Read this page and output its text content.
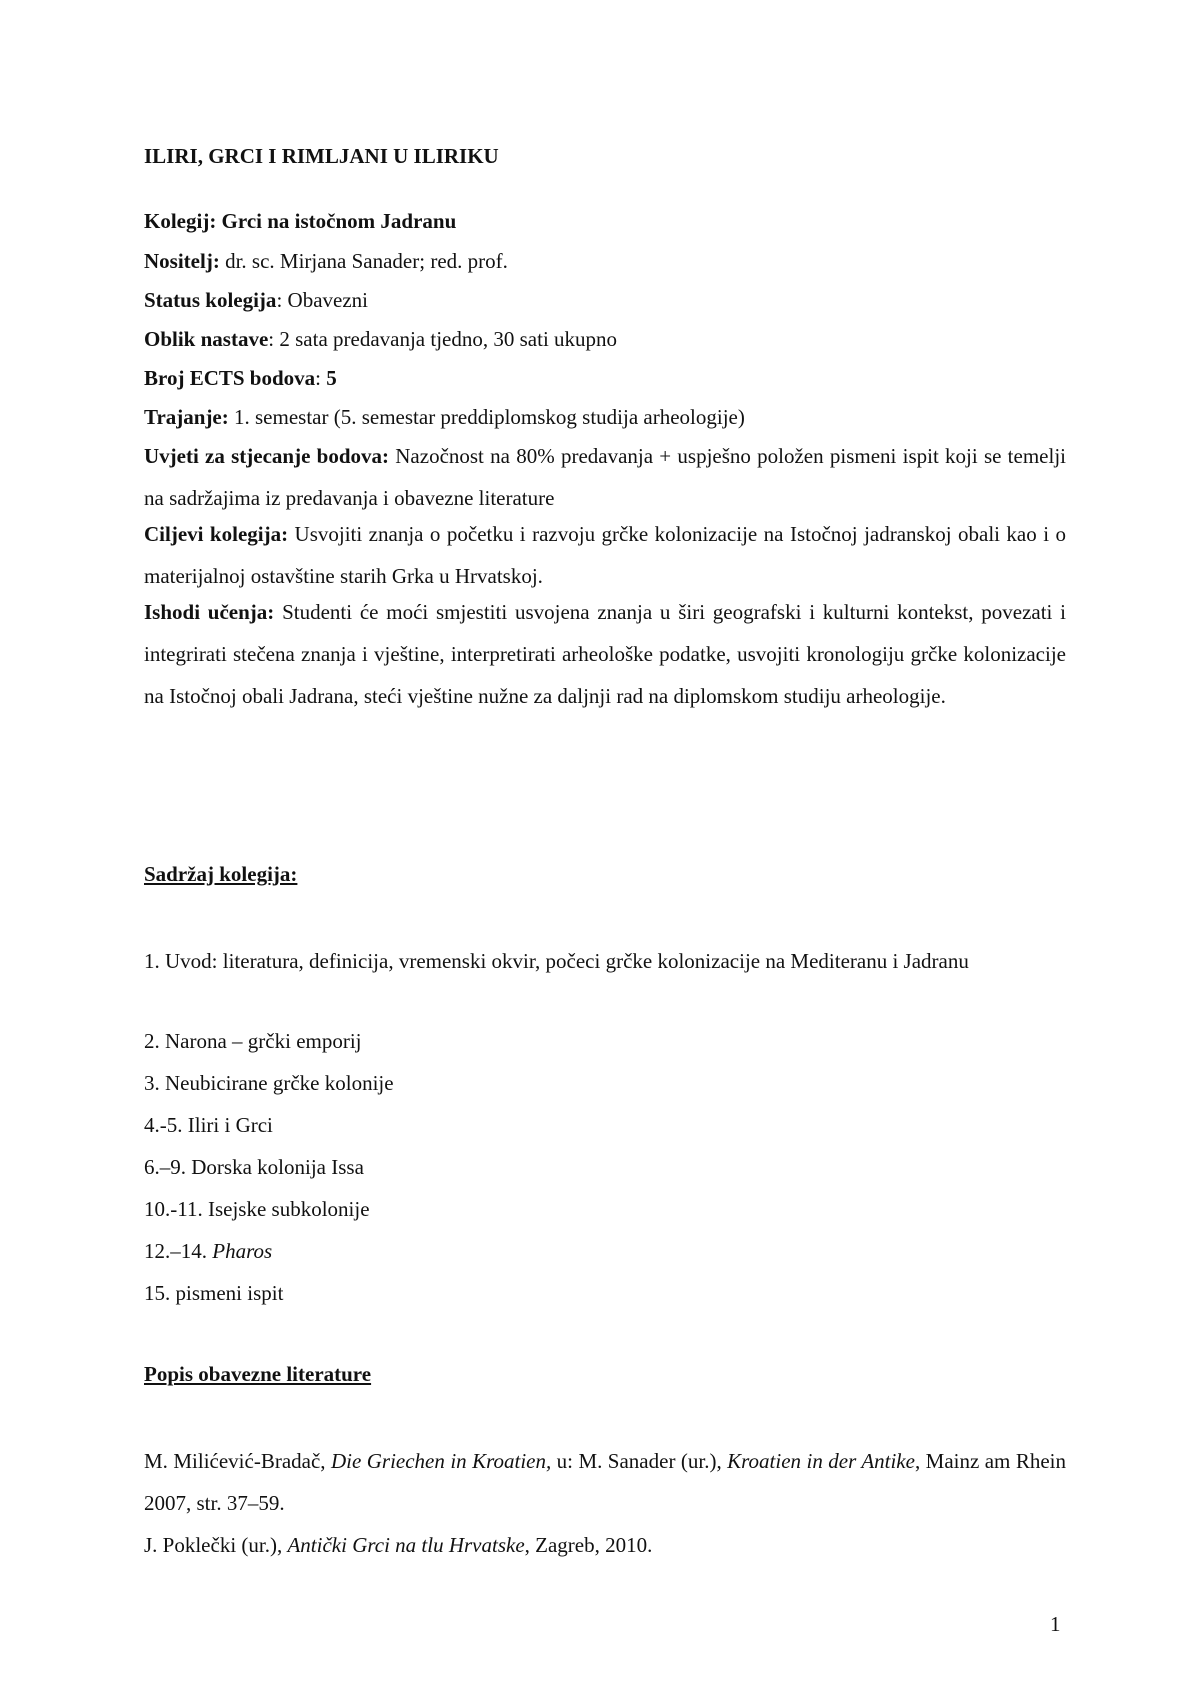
ILIRI, GRCI I RIMLJANI U ILIRIKU
Kolegij: Grci na istočnom Jadranu
Nositelj: dr. sc. Mirjana Sanader; red. prof.
Status kolegija: Obavezni
Oblik nastave: 2 sata predavanja tjedno, 30 sati ukupno
Broj ECTS bodova: 5
Trajanje: 1. semestar (5. semestar preddiplomskog studija arheologije)
Uvjeti za stjecanje bodova: Nazočnost na 80% predavanja + uspješno položen pismeni ispit koji se temelji na sadržajima iz predavanja i obavezne literature
Ciljevi kolegija: Usvojiti znanja o početku i razvoju grčke kolonizacije na Istočnoj jadranskoj obali kao i o materijalnoj ostavštine starih Grka u Hrvatskoj.
Ishodi učenja: Studenti će moći smjestiti usvojena znanja u širi geografski i kulturni kontekst, povezati i integrirati stečena znanja i vještine, interpretirati arheološke podatke, usvojiti kronologiju grčke kolonizacije na Istočnoj obali Jadrana, steći vještine nužne za daljnji rad na diplomskom studiju arheologije.
Sadržaj kolegija:
1. Uvod: literatura, definicija, vremenski okvir, počeci grčke kolonizacije na Mediteranu i Jadranu
2. Narona – grčki emporij
3. Neubicirane grčke kolonije
4.-5. Iliri i Grci
6.–9. Dorska kolonija Issa
10.-11. Isejske subkolonije
12.–14. Pharos
15. pismeni ispit
Popis obavezne literature
M. Milićević-Bradač, Die Griechen in Kroatien, u: M. Sanader (ur.), Kroatien in der Antike, Mainz am Rhein 2007, str. 37–59.
J. Poklečki (ur.), Antički Grci na tlu Hrvatske, Zagreb, 2010.
1
